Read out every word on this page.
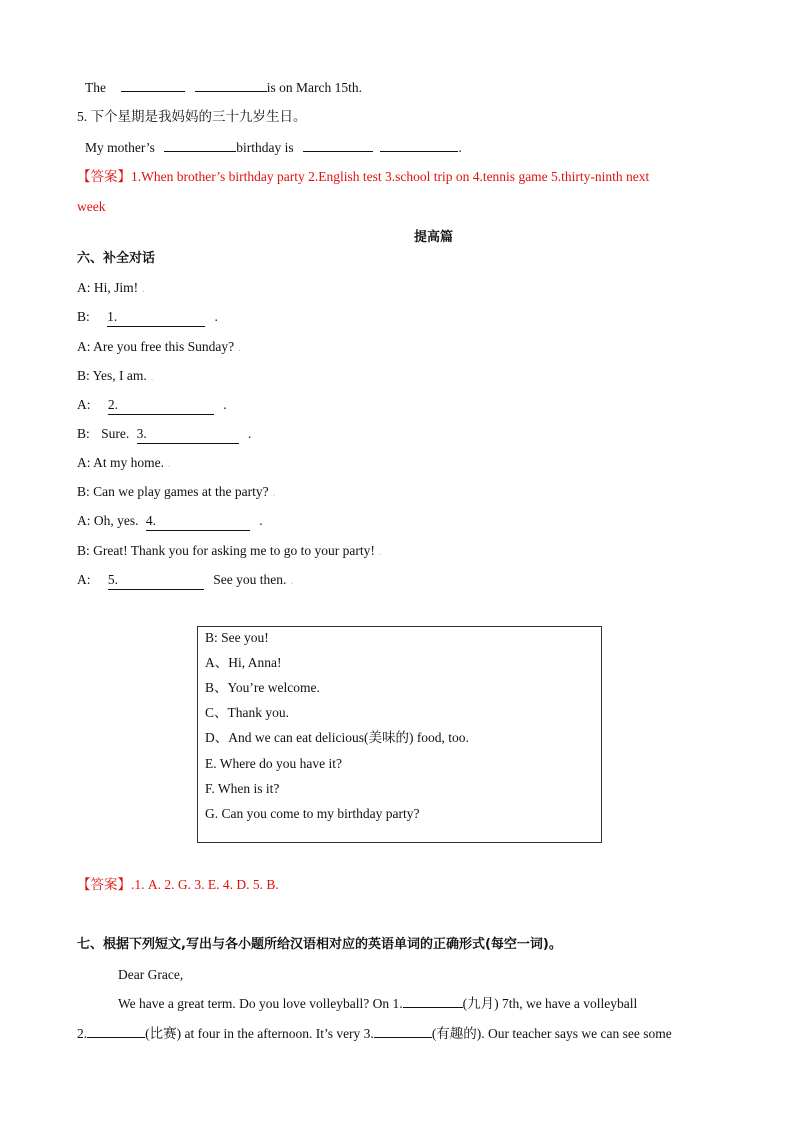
The	is on March 15th.
5. 下个星期是我妈妈的三十九岁生日。
My mother’s	birthday is	.
【答案】1.When brother’s birthday party 2.English test 3.school trip on 4.tennis game 5.thirty-ninth next
week
提高篇
六、补全对话
A: Hi, Jim! .
B: 1.	.
A: Are you free this Sunday? .
B: Yes, I am. .
A: 2.	.
B: Sure. 3.	.
A: At my home. .
B: Can we play games at the party? .
A: Oh, yes. 4.	.
B: Great! Thank you for asking me to go to your party! .
A: 5.	See you then. .
B: See you!
A、Hi, Anna!
B、You’re welcome.
C、Thank you.
D、And we can eat delicious(美味的) food, too.
E. Where do you have it?
F. When is it?
G. Can you come to my birthday party?
【答案】.1. A. 2. G. 3. E. 4. D. 5. B.
七、根据下列短文,写出与各小题所给汉语相对应的英语单词的正确形式(每空一词)。
Dear Grace,
We have a great term. Do you love volleyball? On 1.	(九月) 7th, we have a volleyball
2.	(比赛) at four in the afternoon. It’s very 3.	(有趣的). Our teacher says we can see some
